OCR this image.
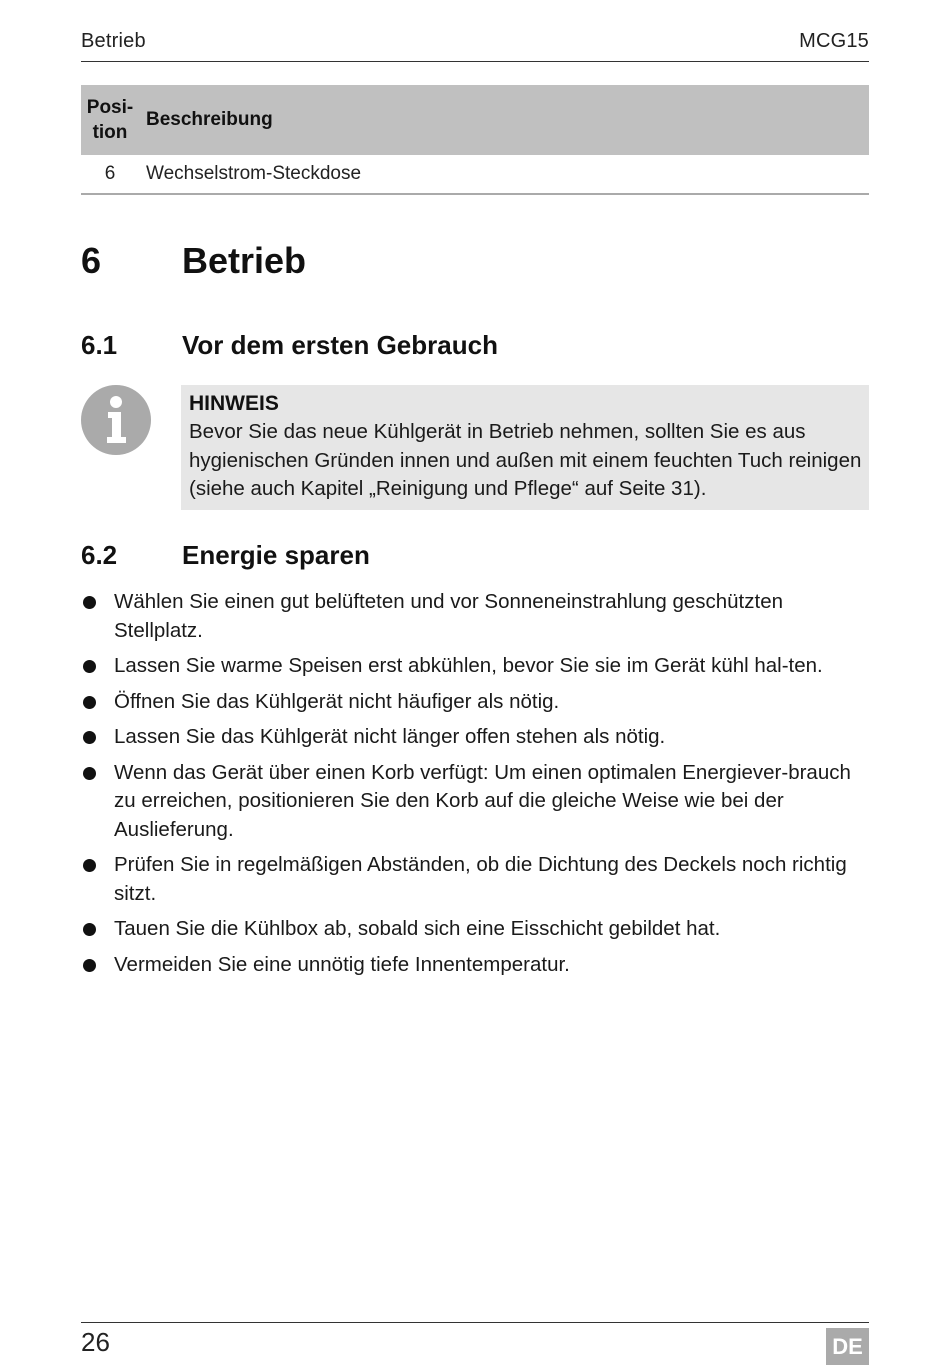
Betrieb	MCG15
Posi-
tion	Beschreibung
6	Wechselstrom-Steckdose
6 Betrieb
6.1 Vor dem ersten Gebrauch
HINWEIS
Bevor Sie das neue Kühlgerät in Betrieb nehmen, sollten Sie es aus hygienischen Gründen innen und außen mit einem feuchten Tuch reinigen (siehe auch Kapitel „Reinigung und Pflege“ auf Seite 31).
6.2 Energie sparen
Wählen Sie einen gut belüfteten und vor Sonneneinstrahlung geschützten Stellplatz.
Lassen Sie warme Speisen erst abkühlen, bevor Sie sie im Gerät kühl hal-ten.
Öffnen Sie das Kühlgerät nicht häufiger als nötig.
Lassen Sie das Kühlgerät nicht länger offen stehen als nötig.
Wenn das Gerät über einen Korb verfügt: Um einen optimalen Energiever-brauch zu erreichen, positionieren Sie den Korb auf die gleiche Weise wie bei der Auslieferung.
Prüfen Sie in regelmäßigen Abständen, ob die Dichtung des Deckels noch richtig sitzt.
Tauen Sie die Kühlbox ab, sobald sich eine Eisschicht gebildet hat.
Vermeiden Sie eine unnötig tiefe Innentemperatur.
26	DE
